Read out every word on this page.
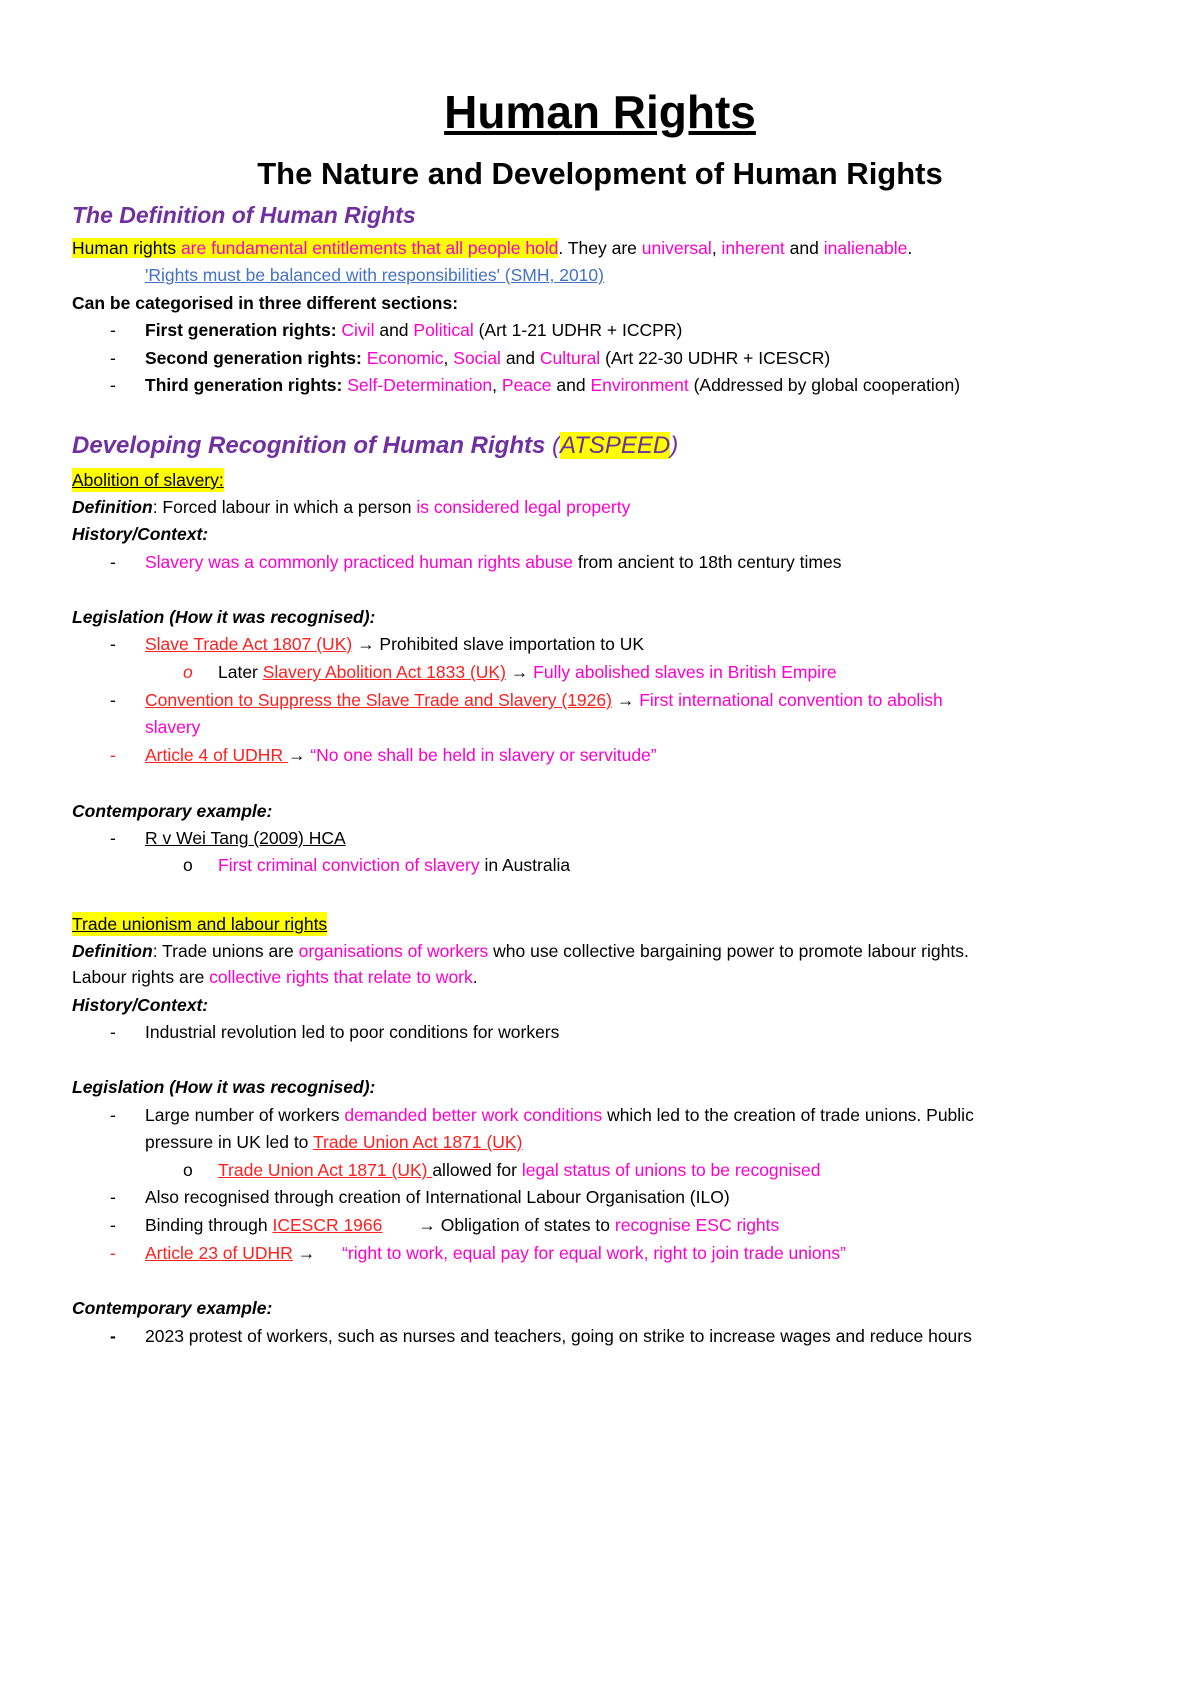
Human Rights
The Nature and Development of Human Rights
The Definition of Human Rights
Human rights are fundamental entitlements that all people hold. They are universal, inherent and inalienable.
'Rights must be balanced with responsibilities' (SMH, 2010)
Can be categorised in three different sections:
- First generation rights: Civil and Political (Art 1-21 UDHR + ICCPR)
- Second generation rights: Economic, Social and Cultural (Art 22-30 UDHR + ICESCR)
- Third generation rights: Self-Determination, Peace and Environment (Addressed by global cooperation)
Developing Recognition of Human Rights (ATSPEED)
Abolition of slavery:
Definition: Forced labour in which a person is considered legal property
History/Context:
- Slavery was a commonly practiced human rights abuse from ancient to 18th century times
Legislation (How it was recognised):
- Slave Trade Act 1807 (UK) → Prohibited slave importation to UK
o Later Slavery Abolition Act 1833 (UK) → Fully abolished slaves in British Empire
- Convention to Suppress the Slave Trade and Slavery (1926) → First international convention to abolish
slavery
- Article 4 of UDHR → “No one shall be held in slavery or servitude”
Contemporary example:
- R v Wei Tang (2009) HCA
o First criminal conviction of slavery in Australia
Trade unionism and labour rights
Definition: Trade unions are organisations of workers who use collective bargaining power to promote labour rights.
Labour rights are collective rights that relate to work.
History/Context:
- Industrial revolution led to poor conditions for workers
Legislation (How it was recognised):
- Large number of workers demanded better work conditions which led to the creation of trade unions. Public
pressure in UK led to Trade Union Act 1871 (UK)
o Trade Union Act 1871 (UK) allowed for legal status of unions to be recognised
- Also recognised through creation of International Labour Organisation (ILO)
- Binding through ICESCR 1966 → Obligation of states to recognise ESC rights
- Article 23 of UDHR → “right to work, equal pay for equal work, right to join trade unions”
Contemporary example:
- 2023 protest of workers, such as nurses and teachers, going on strike to increase wages and reduce hours
